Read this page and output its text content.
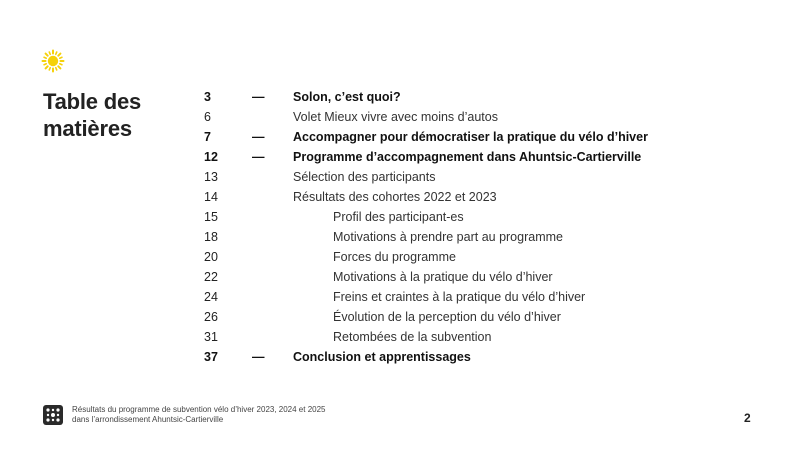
Table des matières
3	— Solon, c’est quoi?
6	Volet Mieux vivre avec moins d’autos
7	— Accompagner pour démocratiser la pratique du vélo d’hiver
12	— Programme d’accompagnement dans Ahuntsic-Cartierville
13	Sélection des participants
14	Résultats des cohortes 2022 et 2023
15	Profil des participant-es
18	Motivations à prendre part au programme
20	Forces du programme
22	Motivations à la pratique du vélo d’hiver
24	Freins et craintes à la pratique du vélo d’hiver
26	Évolution de la perception du vélo d’hiver
31	Retombées de la subvention
37	— Conclusion et apprentissages
Résultats du programme de subvention vélo d’hiver 2023, 2024 et 2025
dans l’arrondissement Ahuntsic-Cartierville	2
